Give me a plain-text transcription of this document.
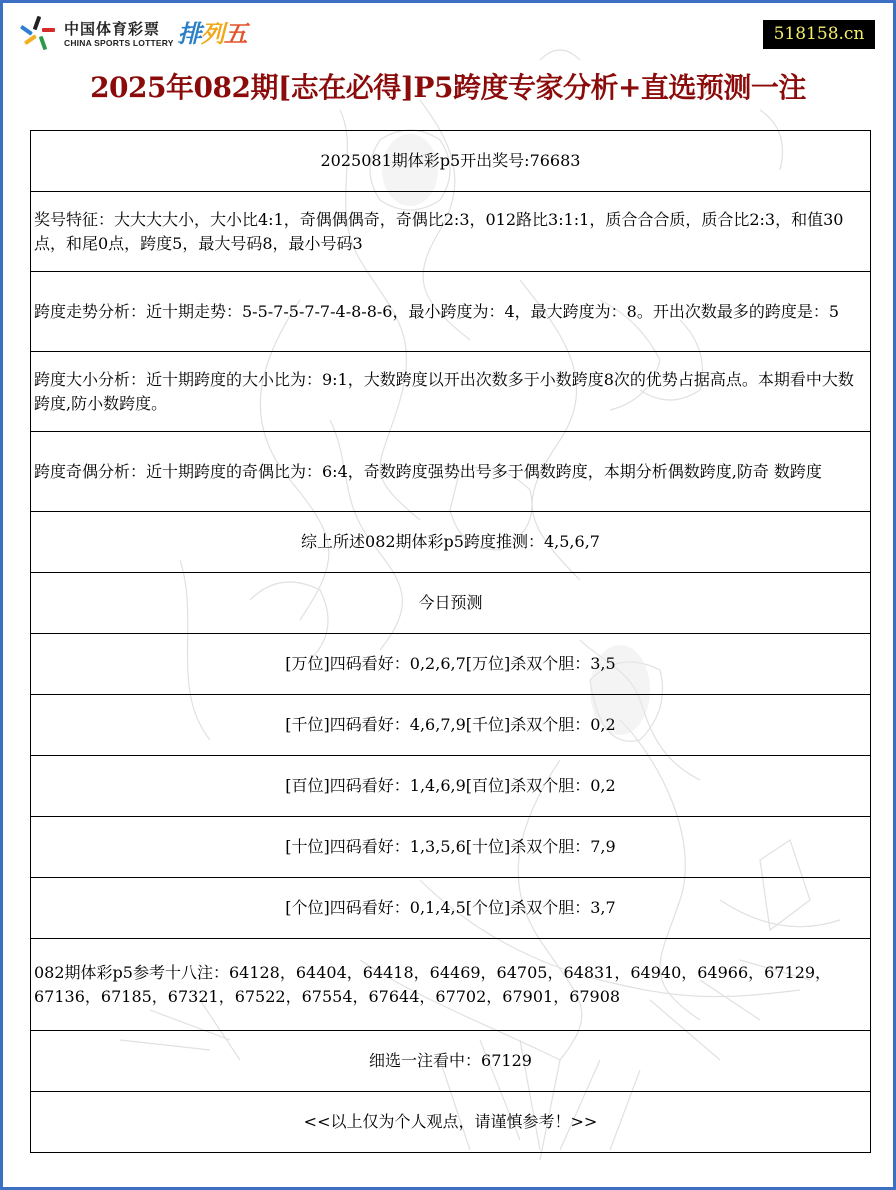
中国体育彩票
CHINA SPORTS LOTTERY 排列五	518158.cn
2025年082期[志在必得]P5跨度专家分析+直选预测一注
2025081期体彩p5开出奖号:76683
奖号特征：大大大大小，大小比4:1，奇偶偶偶奇，奇偶比2:3，012路比3:1:1，质合合合质，质合比2:3，和值30点，和尾0点，跨度5，最大号码8，最小号码3
跨度走势分析：近十期走势：5-5-7-5-7-7-4-8-8-6，最小跨度为：4，最大跨度为：8。开出次数最多的跨度是：5
跨度大小分析：近十期跨度的大小比为：9:1，大数跨度以开出次数多于小数跨度8次的优势占据高点。本期看中大数跨度,防小数跨度。
跨度奇偶分析：近十期跨度的奇偶比为：6:4，奇数跨度强势出号多于偶数跨度，本期分析偶数跨度,防奇 数跨度
综上所述082期体彩p5跨度推测：4,5,6,7
今日预测
[万位]四码看好：0,2,6,7[万位]杀双个胆：3,5
[千位]四码看好：4,6,7,9[千位]杀双个胆：0,2
[百位]四码看好：1,4,6,9[百位]杀双个胆：0,2
[十位]四码看好：1,3,5,6[十位]杀双个胆：7,9
[个位]四码看好：0,1,4,5[个位]杀双个胆：3,7
082期体彩p5参考十八注：64128，64404，64418，64469，64705，64831，64940，64966，67129，67136，67185，67321，67522，67554，67644，67702，67901，67908
细选一注看中：67129
<<以上仅为个人观点，请谨慎参考！>>
